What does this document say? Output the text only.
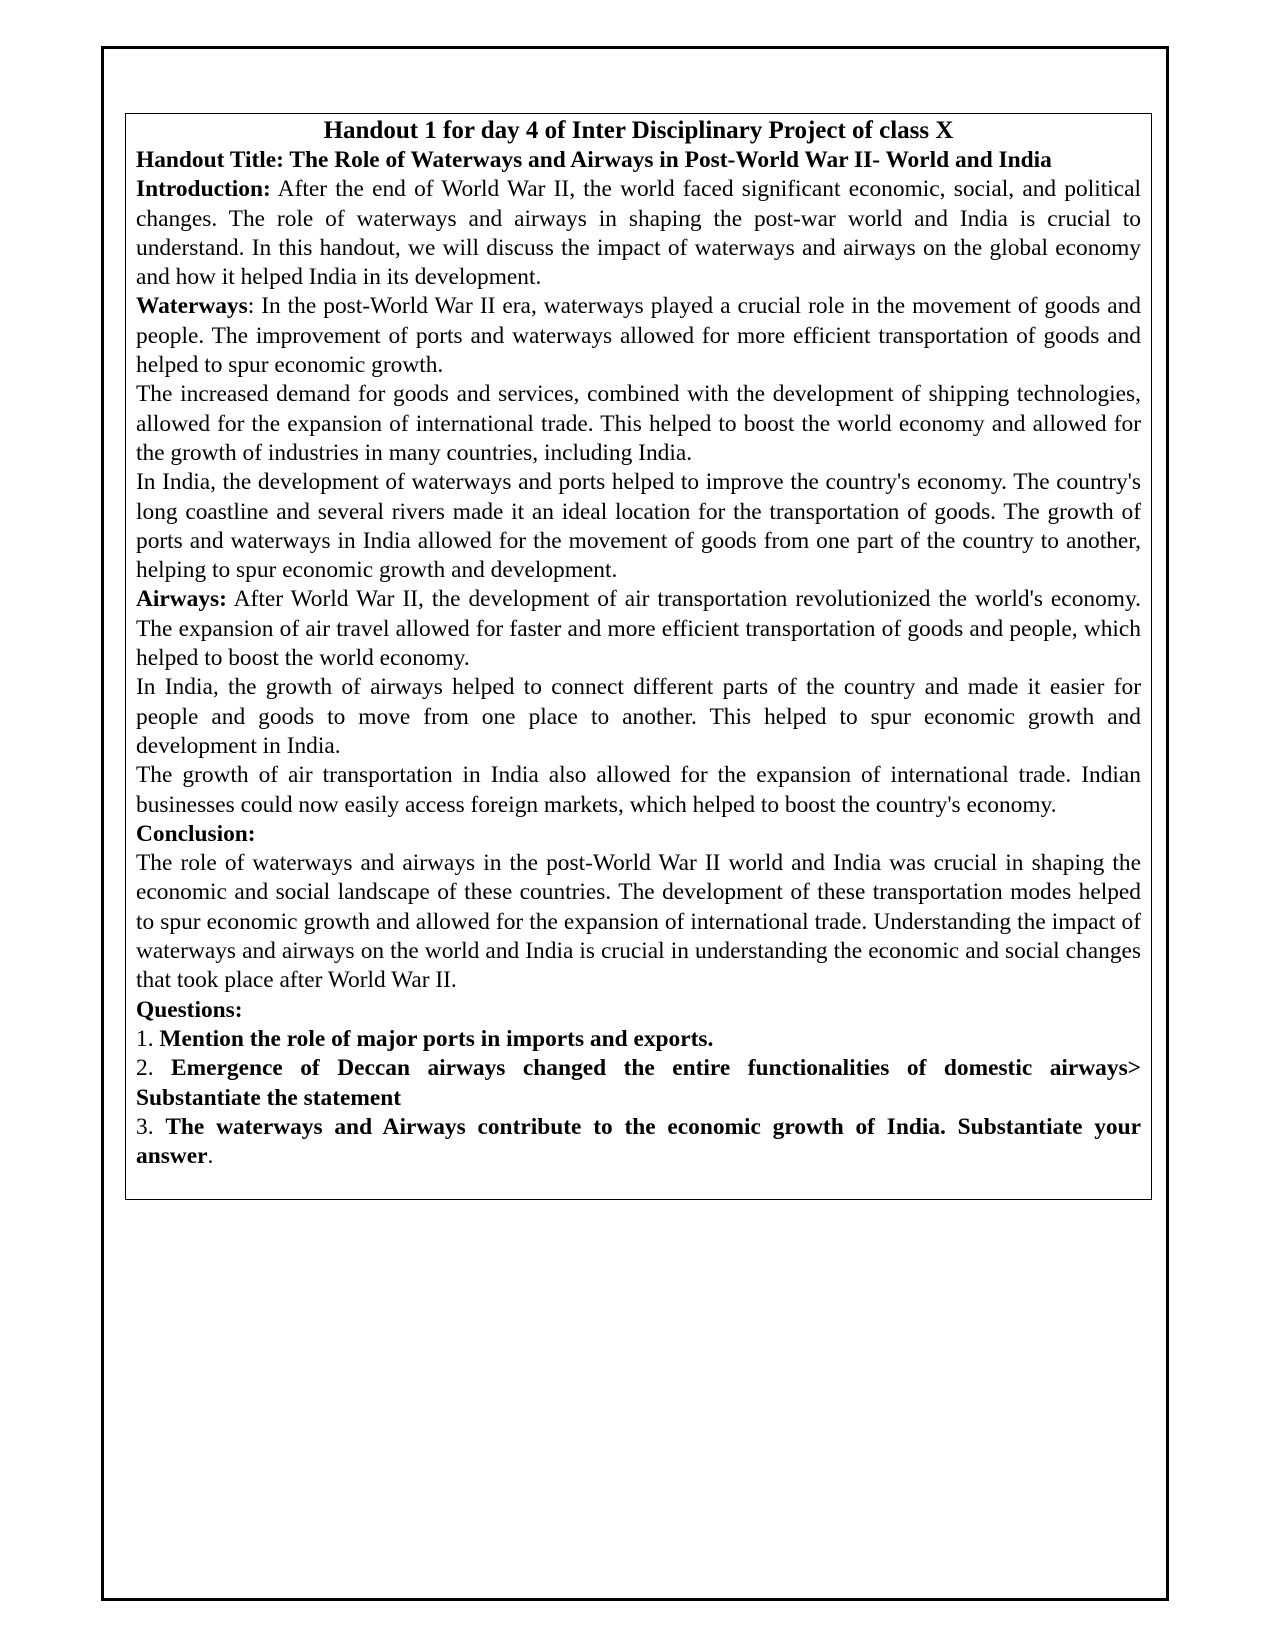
Handout 1 for day 4 of Inter Disciplinary Project of class X

Handout Title: The Role of Waterways and Airways in Post-World War II- World and India

Introduction: After the end of World War II, the world faced significant economic, social, and political changes. The role of waterways and airways in shaping the post-war world and India is crucial to understand. In this handout, we will discuss the impact of waterways and airways on the global economy and how it helped India in its development.

Waterways: In the post-World War II era, waterways played a crucial role in the movement of goods and people. The improvement of ports and waterways allowed for more efficient transportation of goods and helped to spur economic growth.

The increased demand for goods and services, combined with the development of shipping technologies, allowed for the expansion of international trade. This helped to boost the world economy and allowed for the growth of industries in many countries, including India.

In India, the development of waterways and ports helped to improve the country's economy. The country's long coastline and several rivers made it an ideal location for the transportation of goods. The growth of ports and waterways in India allowed for the movement of goods from one part of the country to another, helping to spur economic growth and development.

Airways: After World War II, the development of air transportation revolutionized the world's economy. The expansion of air travel allowed for faster and more efficient transportation of goods and people, which helped to boost the world economy.

In India, the growth of airways helped to connect different parts of the country and made it easier for people and goods to move from one place to another. This helped to spur economic growth and development in India.

The growth of air transportation in India also allowed for the expansion of international trade. Indian businesses could now easily access foreign markets, which helped to boost the country's economy.

Conclusion:

The role of waterways and airways in the post-World War II world and India was crucial in shaping the economic and social landscape of these countries. The development of these transportation modes helped to spur economic growth and allowed for the expansion of international trade. Understanding the impact of waterways and airways on the world and India is crucial in understanding the economic and social changes that took place after World War II.

Questions:

1. Mention the role of major ports in imports and exports.

2. Emergence of Deccan airways changed the entire functionalities of domestic airways> Substantiate the statement

3. The waterways and Airways contribute to the economic growth of India. Substantiate your answer.
